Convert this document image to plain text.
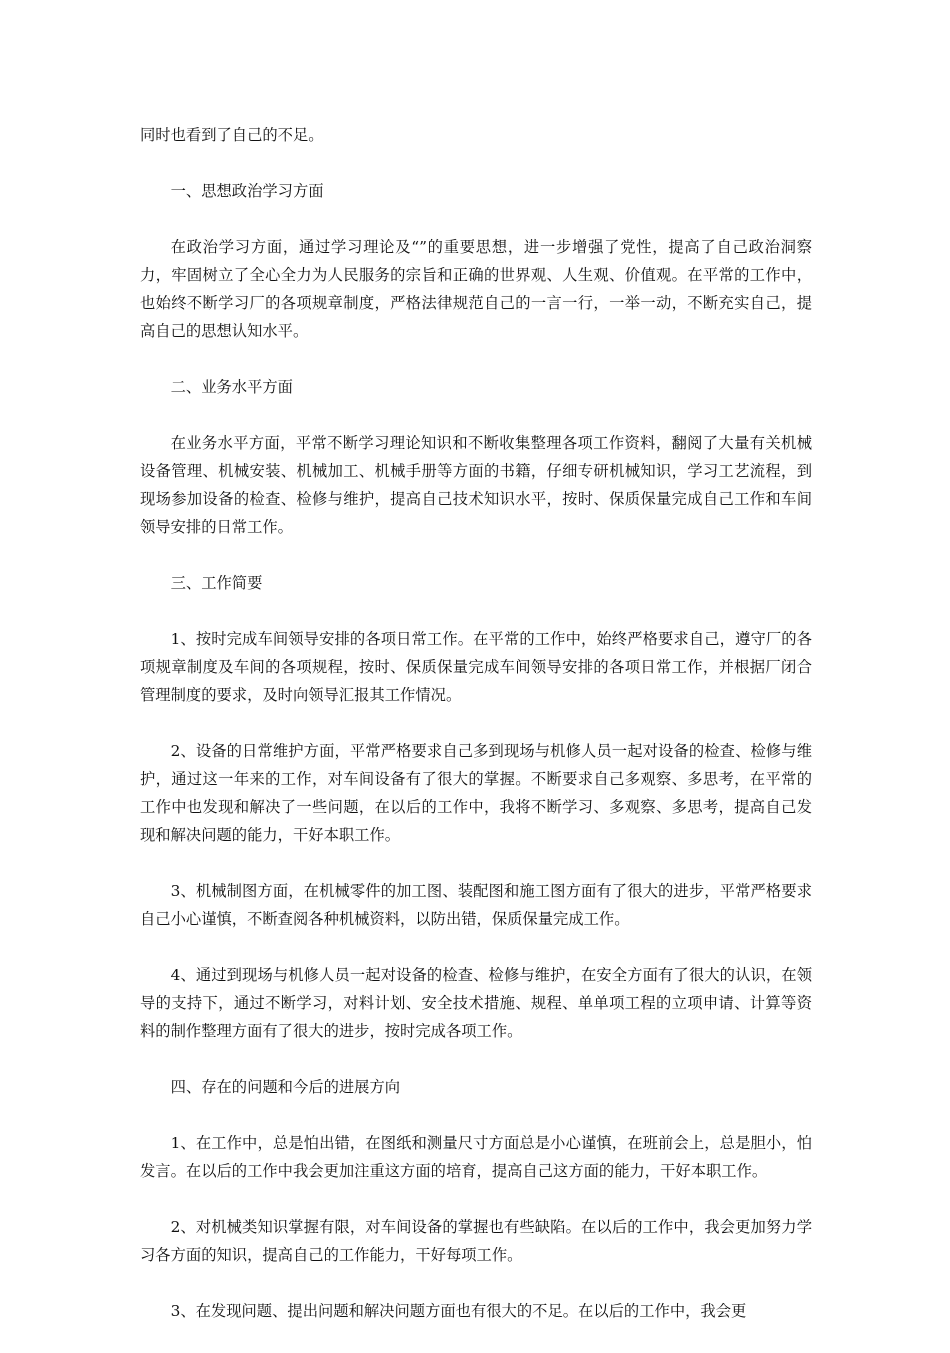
同时也看到了自己的不足。

一、思想政治学习方面

在政治学习方面，通过学习理论及“”的重要思想，进一步增强了党性，提高了自己政治洞察力，牢固树立了全心全力为人民服务的宗旨和正确的世界观、人生观、价值观。在平常的工作中，也始终不断学习厂的各项规章制度，严格法律规范自己的一言一行，一举一动，不断充实自己，提高自己的思想认知水平。

二、业务水平方面

在业务水平方面，平常不断学习理论知识和不断收集整理各项工作资料，翻阅了大量有关机械设备管理、机械安装、机械加工、机械手册等方面的书籍，仔细专研机械知识，学习工艺流程，到现场参加设备的检查、检修与维护，提高自己技术知识水平，按时、保质保量完成自己工作和车间领导安排的日常工作。

三、工作简要

1、按时完成车间领导安排的各项日常工作。在平常的工作中，始终严格要求自己，遵守厂的各项规章制度及车间的各项规程，按时、保质保量完成车间领导安排的各项日常工作，并根据厂闭合管理制度的要求，及时向领导汇报其工作情况。

2、设备的日常维护方面，平常严格要求自己多到现场与机修人员一起对设备的检查、检修与维护，通过这一年来的工作，对车间设备有了很大的掌握。不断要求自己多观察、多思考，在平常的工作中也发现和解决了一些问题，在以后的工作中，我将不断学习、多观察、多思考，提高自己发现和解决问题的能力，干好本职工作。

3、机械制图方面，在机械零件的加工图、装配图和施工图方面有了很大的进步，平常严格要求自己小心谨慎，不断查阅各种机械资料，以防出错，保质保量完成工作。

4、通过到现场与机修人员一起对设备的检查、检修与维护，在安全方面有了很大的认识，在领导的支持下，通过不断学习，对料计划、安全技术措施、规程、单单项工程的立项申请、计算等资料的制作整理方面有了很大的进步，按时完成各项工作。

四、存在的问题和今后的进展方向

1、在工作中，总是怕出错，在图纸和测量尺寸方面总是小心谨慎，在班前会上，总是胆小，怕发言。在以后的工作中我会更加注重这方面的培育，提高自己这方面的能力，干好本职工作。

2、对机械类知识掌握有限，对车间设备的掌握也有些缺陷。在以后的工作中，我会更加努力学习各方面的知识，提高自己的工作能力，干好每项工作。

3、在发现问题、提出问题和解决问题方面也有很大的不足。在以后的工作中，我会更
